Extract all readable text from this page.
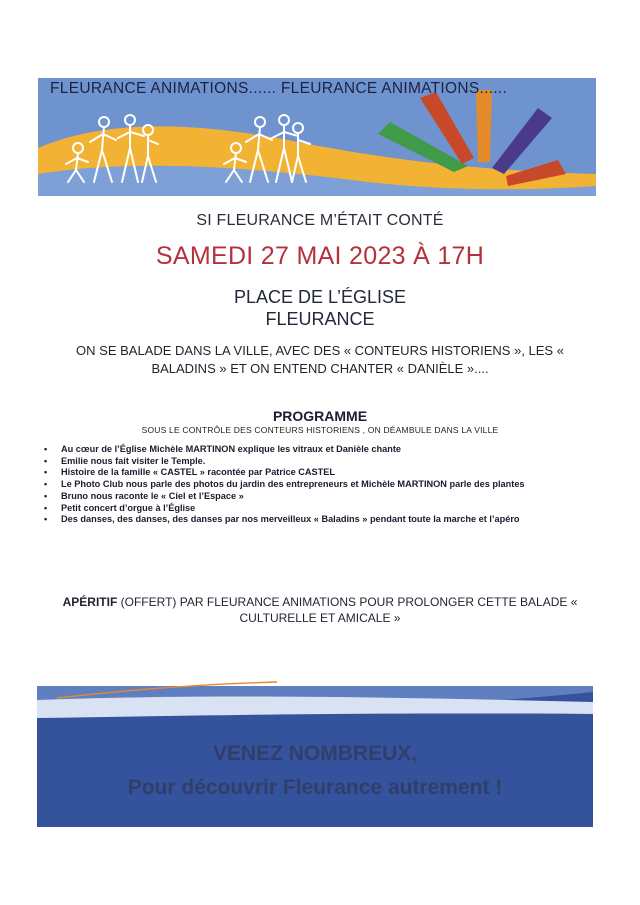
FLEURANCE ANIMATIONS...... FLEURANCE ANIMATIONS......
SI FLEURANCE M’ÉTAIT CONTÉ
SAMEDI 27 MAI 2023 À 17H
PLACE DE L’ÉGLISE
FLEURANCE
ON SE BALADE DANS LA VILLE, AVEC DES « CONTEURS HISTORIENS », LES « BALADINS » ET ON ENTEND CHANTER « DANIÈLE »....
PROGRAMME
SOUS LE CONTRÔLE DES CONTEURS HISTORIENS , ON DÉAMBULE DANS LA VILLE
• Au cœur de l’Église Michèle MARTINON explique les vitraux et Danièle chante
• Emilie nous fait visiter le Temple.
• Histoire de la famille « CASTEL » racontée par Patrice CASTEL
• Le Photo Club nous parle des photos du jardin des entrepreneurs et Michèle MARTINON parle des plantes
• Bruno nous raconte le « Ciel et l’Espace »
• Petit concert d’orgue à l’Église
• Des danses, des danses, des danses par nos merveilleux « Baladins » pendant toute la marche et l’apéro
APÉRITIF (OFFERT) PAR FLEURANCE ANIMATIONS POUR PROLONGER CETTE BALADE « CULTURELLE ET AMICALE »
VENEZ NOMBREUX,
Pour découvrir Fleurance autrement !
